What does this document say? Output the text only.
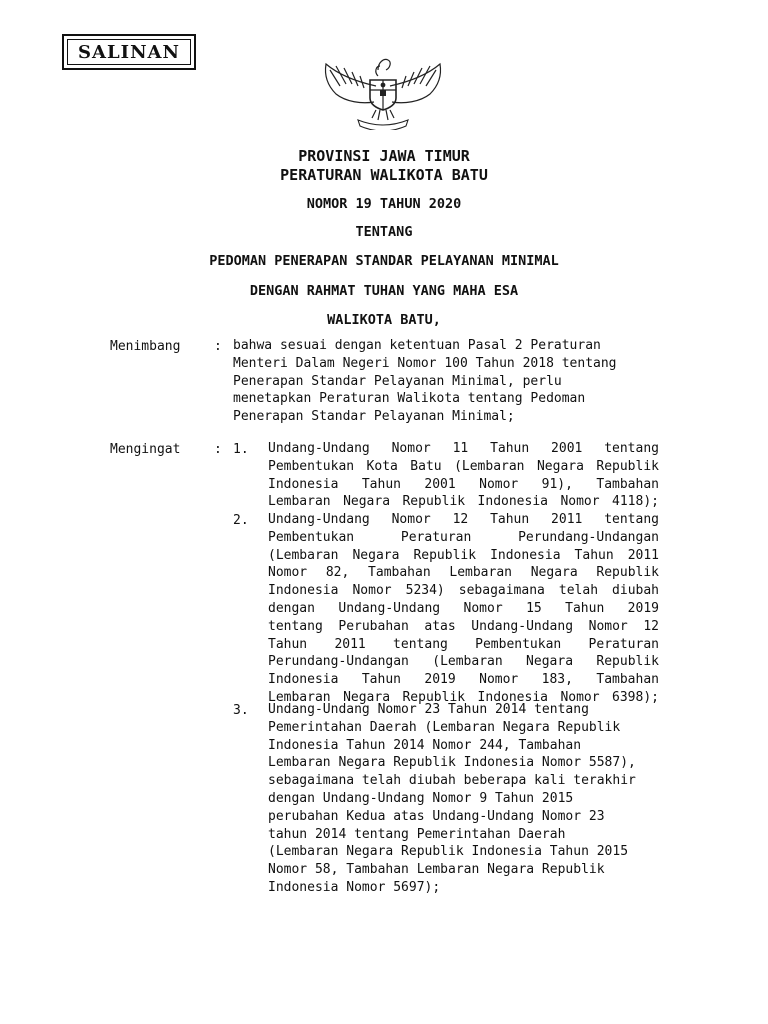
SALINAN
PROVINSI JAWA TIMUR
PERATURAN WALIKOTA BATU
NOMOR 19 TAHUN 2020
TENTANG
PEDOMAN PENERAPAN STANDAR PELAYANAN MINIMAL
DENGAN RAHMAT TUHAN YANG MAHA ESA
WALIKOTA BATU,
Menimbang	: bahwa sesuai dengan ketentuan Pasal 2 Peraturan
Menteri Dalam Negeri Nomor 100 Tahun 2018 tentang
Penerapan Standar Pelayanan Minimal, perlu
menetapkan Peraturan Walikota tentang Pedoman
Penerapan Standar Pelayanan Minimal;
Mengingat	: 1. Undang-Undang Nomor 11 Tahun 2001 tentang
Pembentukan Kota Batu (Lembaran Negara Republik
Indonesia Tahun 2001 Nomor 91), Tambahan
Lembaran Negara Republik Indonesia Nomor 4118);
2. Undang-Undang Nomor 12 Tahun 2011 tentang
Pembentukan Peraturan Perundang-Undangan
(Lembaran Negara Republik Indonesia Tahun 2011
Nomor 82, Tambahan Lembaran Negara Republik
Indonesia Nomor 5234) sebagaimana telah diubah
dengan Undang-Undang Nomor 15 Tahun 2019
tentang Perubahan atas Undang-Undang Nomor 12
Tahun 2011 tentang Pembentukan Peraturan
Perundang-Undangan (Lembaran Negara Republik
Indonesia Tahun 2019 Nomor 183, Tambahan
Lembaran Negara Republik Indonesia Nomor 6398);
3. Undang-Undang Nomor 23 Tahun 2014 tentang
Pemerintahan Daerah (Lembaran Negara Republik
Indonesia Tahun 2014 Nomor 244, Tambahan
Lembaran Negara Republik Indonesia Nomor 5587),
sebagaimana telah diubah beberapa kali terakhir
dengan Undang-Undang Nomor 9 Tahun 2015
perubahan Kedua atas Undang-Undang Nomor 23
tahun 2014 tentang Pemerintahan Daerah
(Lembaran Negara Republik Indonesia Tahun 2015
Nomor 58, Tambahan Lembaran Negara Republik
Indonesia Nomor 5697);
